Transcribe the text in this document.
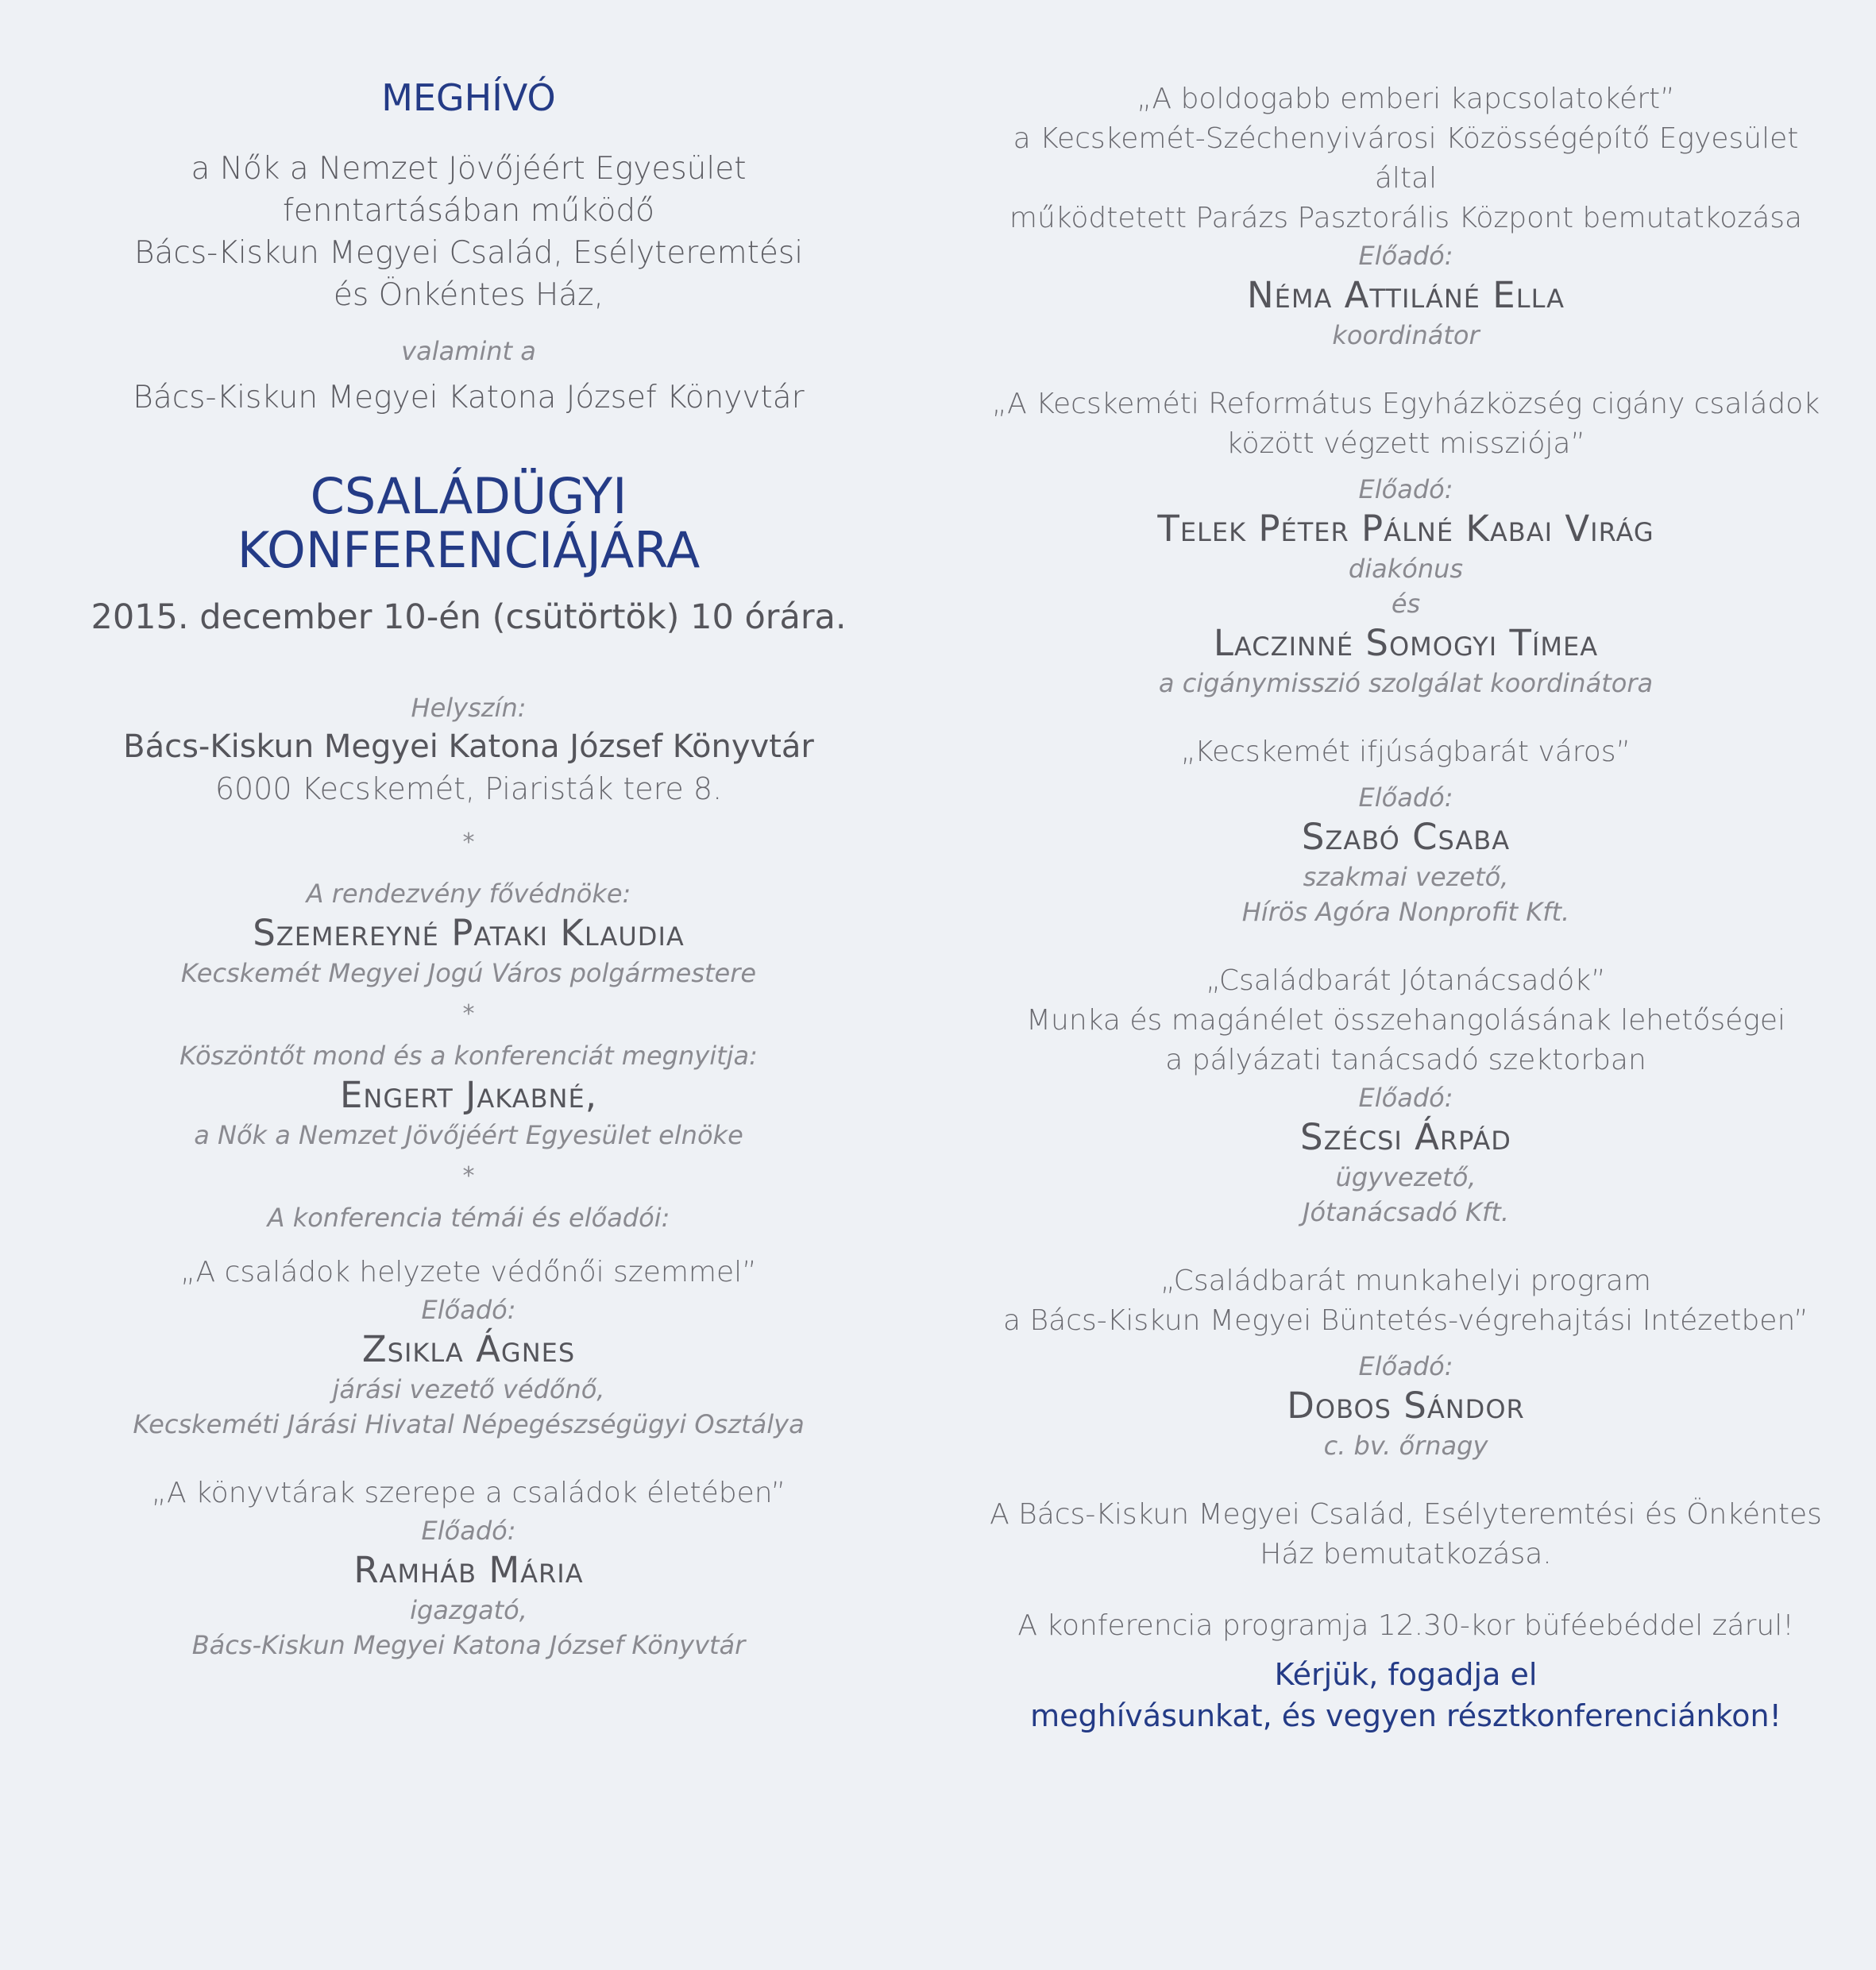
MEGHÍVÓ
a Nők a Nemzet Jövőjéért Egyesület
fenntartásában működő
Bács-Kiskun Megyei Család, Esélyteremtési
és Önkéntes Ház,
valamint a
Bács-Kiskun Megyei Katona József Könyvtár
CSALÁDÜGYI
KONFERENCIÁJÁRA
2015. december 10-én (csütörtök) 10 órára.
Helyszín:
Bács-Kiskun Megyei Katona József Könyvtár
6000 Kecskemét, Piaristák tere 8.
*
A rendezvény fővédnöke:
Szemereyné Pataki Klaudia
Kecskemét Megyei Jogú Város polgármestere
*
Köszöntőt mond és a konferenciát megnyitja:
Engert Jakabné,
a Nők a Nemzet Jövőjéért Egyesület elnöke
*
A konferencia témái és előadói:
„A családok helyzete védőnői szemmel”
Előadó:
Zsikla Ágnes
járási vezető védőnő,
Kecskeméti Járási Hivatal Népegészségügyi Osztálya
„A könyvtárak szerepe a családok életében”
Előadó:
Ramháb Mária
igazgató,
Bács-Kiskun Megyei Katona József Könyvtár
„A boldogabb emberi kapcsolatokért”
a Kecskemét-Széchenyivárosi Közösségépítő Egyesület által
működtetett Parázs Pasztorális Központ bemutatkozása
Előadó:
Néma Attiláné Ella
koordinátor
„A Kecskeméti Református Egyházközség cigány családok
között végzett missziója”
Előadó:
Telek Péter Pálné Kabai Virág
diakónus
és
Laczinné Somogyi Tímea
a cigánymisszió szolgálat koordinátora
„Kecskemét ifjúságbarát város”
Előadó:
Szabó Csaba
szakmai vezető,
Hírös Agóra Nonprofit Kft.
„Családbarát Jótanácsadók”
Munka és magánélet összehangolásának lehetőségei
a pályázati tanácsadó szektorban
Előadó:
Szécsi Árpád
ügyvezető,
Jótanácsadó Kft.
„Családbarát munkahelyi program
a Bács-Kiskun Megyei Büntetés-végrehajtási Intézetben”
Előadó:
Dobos Sándor
c. bv. őrnagy
A Bács-Kiskun Megyei Család, Esélyteremtési és Önkéntes
Ház bemutatkozása.
A konferencia programja 12.30-kor büféebéddel zárul!
Kérjük, fogadja el
meghívásunkat, és vegyen résztkonferenciánkon!
